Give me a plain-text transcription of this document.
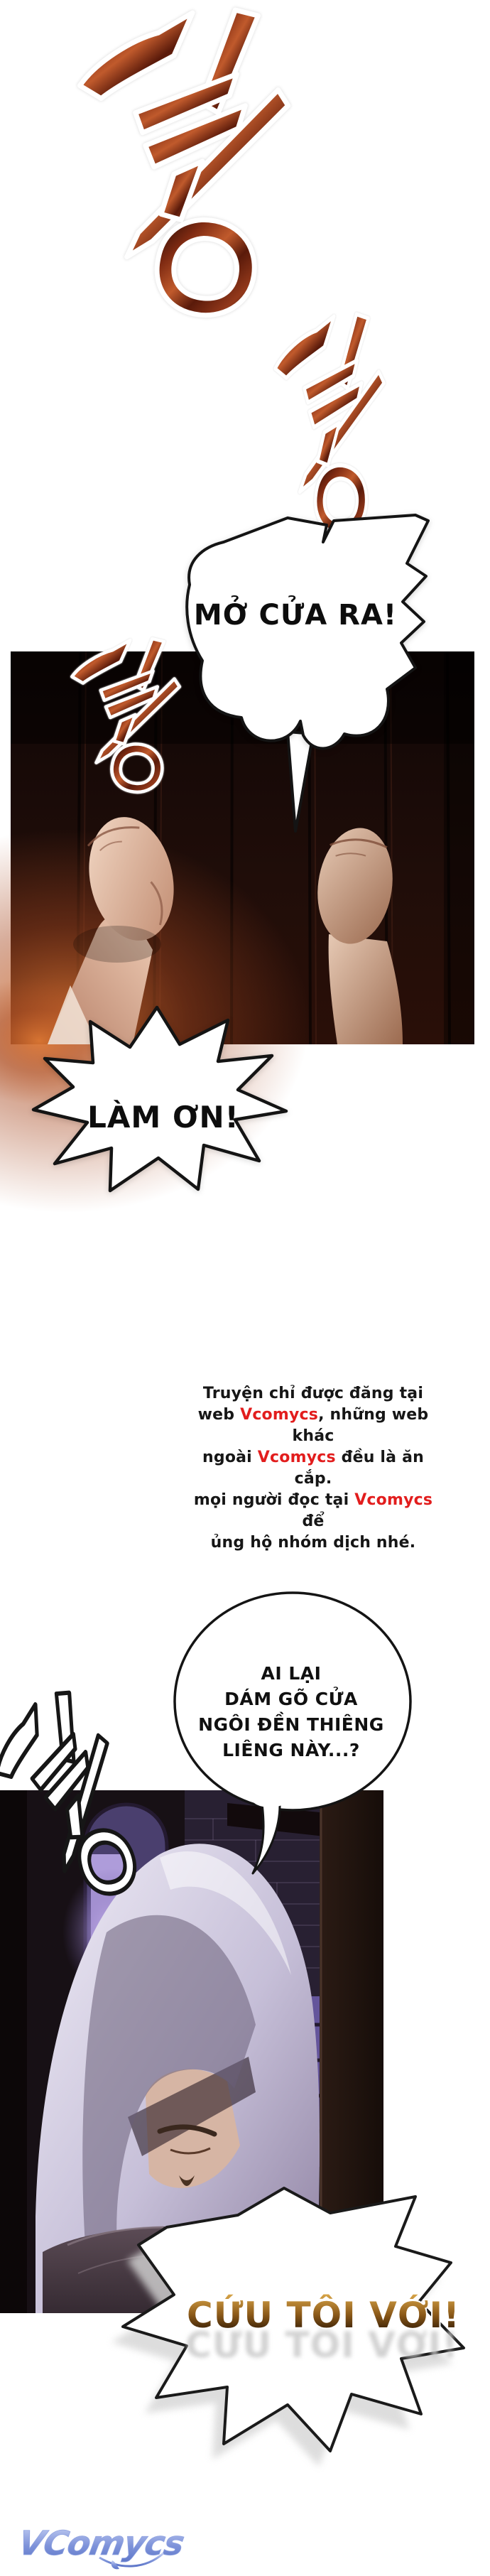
MỞ CỬA RA!
LÀM ƠN!
Truyện chỉ được đăng tại
web Vcomycs, những web khác
ngoài Vcomycs đều là ăn cắp.
mọi người đọc tại Vcomycs để
ủng hộ nhóm dịch nhé.
AI LẠI
DÁM GÕ CỬA
NGÔI ĐỀN THIÊNG
LIÊNG NÀY...?
CỨU TÔI VỚI!
CỨU TÔI VỚI!
VComycs
